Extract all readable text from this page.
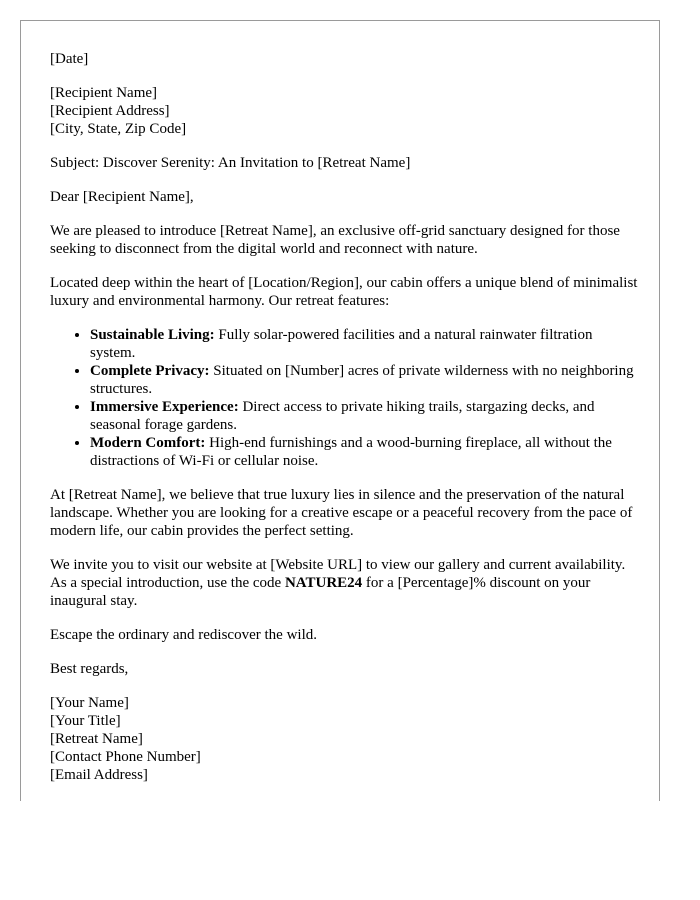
[Date]

[Recipient Name]
[Recipient Address]
[City, State, Zip Code]

Subject: Discover Serenity: An Invitation to [Retreat Name]

Dear [Recipient Name],

We are pleased to introduce [Retreat Name], an exclusive off-grid sanctuary designed for those seeking to disconnect from the digital world and reconnect with nature.

Located deep within the heart of [Location/Region], our cabin offers a unique blend of minimalist luxury and environmental harmony. Our retreat features:

• Sustainable Living: Fully solar-powered facilities and a natural rainwater filtration system.
• Complete Privacy: Situated on [Number] acres of private wilderness with no neighboring structures.
• Immersive Experience: Direct access to private hiking trails, stargazing decks, and seasonal forage gardens.
• Modern Comfort: High-end furnishings and a wood-burning fireplace, all without the distractions of Wi-Fi or cellular noise.

At [Retreat Name], we believe that true luxury lies in silence and the preservation of the natural landscape. Whether you are looking for a creative escape or a peaceful recovery from the pace of modern life, our cabin provides the perfect setting.

We invite you to visit our website at [Website URL] to view our gallery and current availability. As a special introduction, use the code NATURE24 for a [Percentage]% discount on your inaugural stay.

Escape the ordinary and rediscover the wild.

Best regards,

[Your Name]
[Your Title]
[Retreat Name]
[Contact Phone Number]
[Email Address]
